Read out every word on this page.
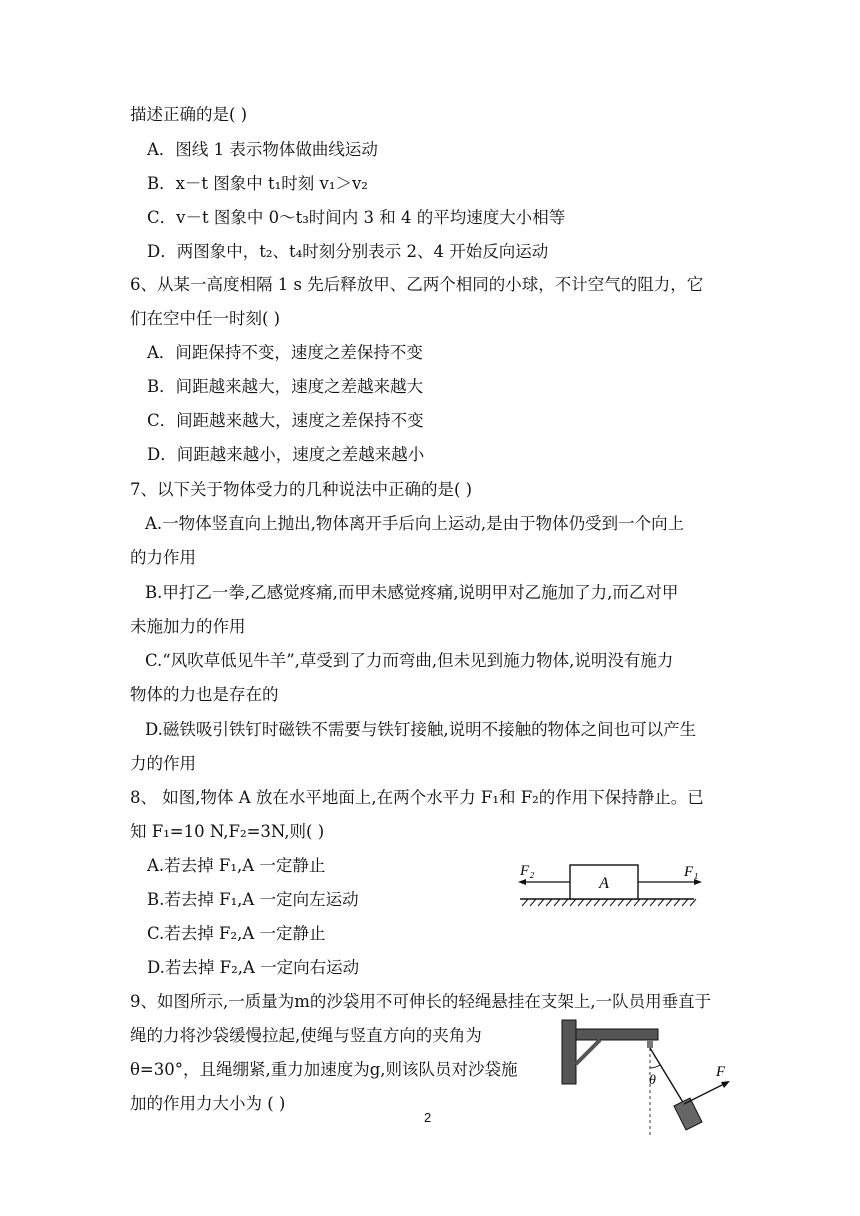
描述正确的是( )
A．图线 1 表示物体做曲线运动
B．x－t 图象中 t₁时刻 v₁＞v₂
C．v－t 图象中 0～t₃时间内 3 和 4 的平均速度大小相等
D．两图象中，t₂、t₄时刻分别表示 2、4 开始反向运动
6、从某一高度相隔 1 s 先后释放甲、乙两个相同的小球，不计空气的阻力，它
们在空中任一时刻( )
A．间距保持不变，速度之差保持不变
B．间距越来越大，速度之差越来越大
C．间距越来越大，速度之差保持不变
D．间距越来越小，速度之差越来越小
7、以下关于物体受力的几种说法中正确的是( )
A.一物体竖直向上抛出,物体离开手后向上运动,是由于物体仍受到一个向上
的力作用
B.甲打乙一拳,乙感觉疼痛,而甲未感觉疼痛,说明甲对乙施加了力,而乙对甲
未施加力的作用
C.“风吹草低见牛羊”,草受到了力而弯曲,但未见到施力物体,说明没有施力
物体的力也是存在的
D.磁铁吸引铁钉时磁铁不需要与铁钉接触,说明不接触的物体之间也可以产生
力的作用
8、 如图,物体 A 放在水平地面上,在两个水平力 F₁和 F₂的作用下保持静止。已
知 F₁=10 N,F₂=3N,则( )
A.若去掉 F₁,A 一定静止
B.若去掉 F₁,A 一定向左运动
C.若去掉 F₂,A 一定静止
D.若去掉 F₂,A 一定向右运动
9、如图所示,一质量为m的沙袋用不可伸长的轻绳悬挂在支架上,一队员用垂直于
绳的力将沙袋缓慢拉起,使绳与竖直方向的夹角为
θ=30°，且绳绷紧,重力加速度为g,则该队员对沙袋施
加的作用力大小为 ( )
A
F₂	F₁
θ
F
2
